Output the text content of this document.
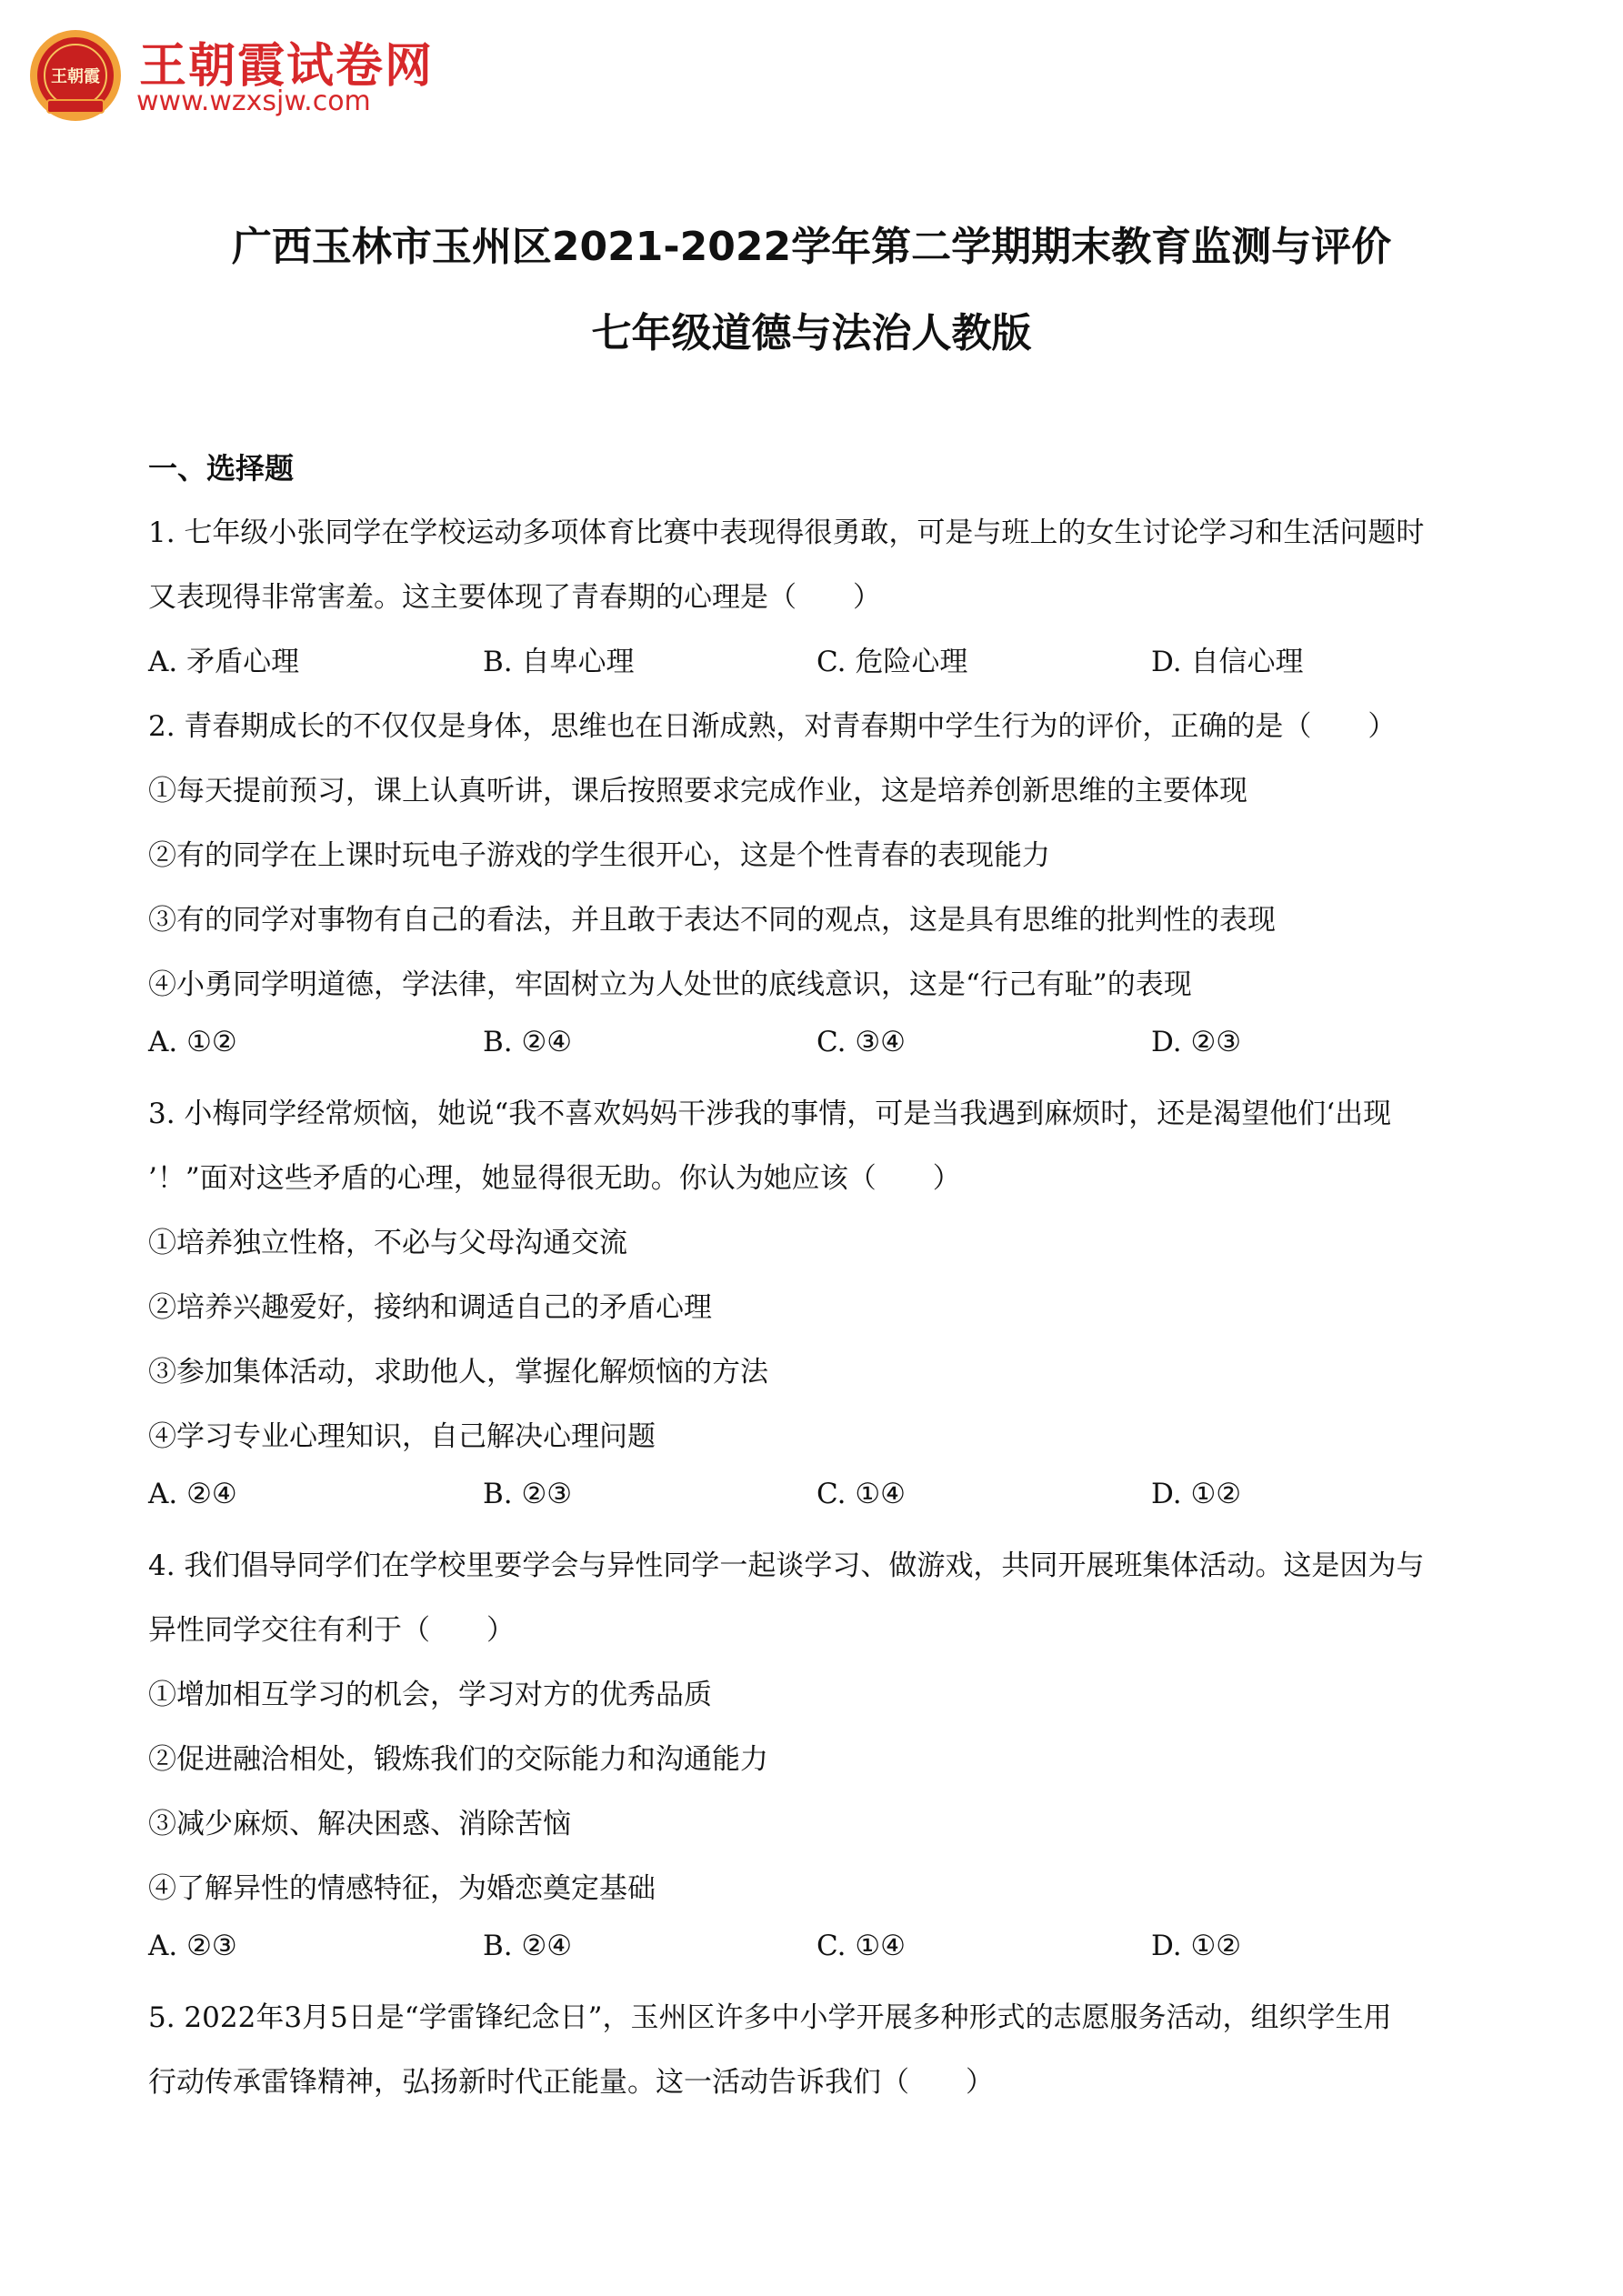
王朝霞 王朝霞试卷网
www.wzxsjw.com
广西玉林市玉州区2021-2022学年第二学期期末教育监测与评价
七年级道德与法治人教版
一、选择题
1. 七年级小张同学在学校运动多项体育比赛中表现得很勇敢，可是与班上的女生讨论学习和生活问题时
又表现得非常害羞。这主要体现了青春期的心理是（　　）
A. 矛盾心理	B. 自卑心理	C. 危险心理	D. 自信心理
2. 青春期成长的不仅仅是身体，思维也在日渐成熟，对青春期中学生行为的评价，正确的是（　　）
①每天提前预习，课上认真听讲，课后按照要求完成作业，这是培养创新思维的主要体现
②有的同学在上课时玩电子游戏的学生很开心，这是个性青春的表现能力
③有的同学对事物有自己的看法，并且敢于表达不同的观点，这是具有思维的批判性的表现
④小勇同学明道德，学法律，牢固树立为人处世的底线意识，这是“行己有耻”的表现
A. ①②	B. ②④	C. ③④	D. ②③
3. 小梅同学经常烦恼，她说“我不喜欢妈妈干涉我的事情，可是当我遇到麻烦时，还是渴望他们‘出现
’！”面对这些矛盾的心理，她显得很无助。你认为她应该（　　）
①培养独立性格，不必与父母沟通交流
②培养兴趣爱好，接纳和调适自己的矛盾心理
③参加集体活动，求助他人，掌握化解烦恼的方法
④学习专业心理知识，自己解决心理问题
A. ②④	B. ②③	C. ①④	D. ①②
4. 我们倡导同学们在学校里要学会与异性同学一起谈学习、做游戏，共同开展班集体活动。这是因为与
异性同学交往有利于（　　）
①增加相互学习的机会，学习对方的优秀品质
②促进融洽相处，锻炼我们的交际能力和沟通能力
③减少麻烦、解决困惑、消除苦恼
④了解异性的情感特征，为婚恋奠定基础
A. ②③	B. ②④	C. ①④	D. ①②
5. 2022年3月5日是“学雷锋纪念日”，玉州区许多中小学开展多种形式的志愿服务活动，组织学生用
行动传承雷锋精神，弘扬新时代正能量。这一活动告诉我们（　　）
